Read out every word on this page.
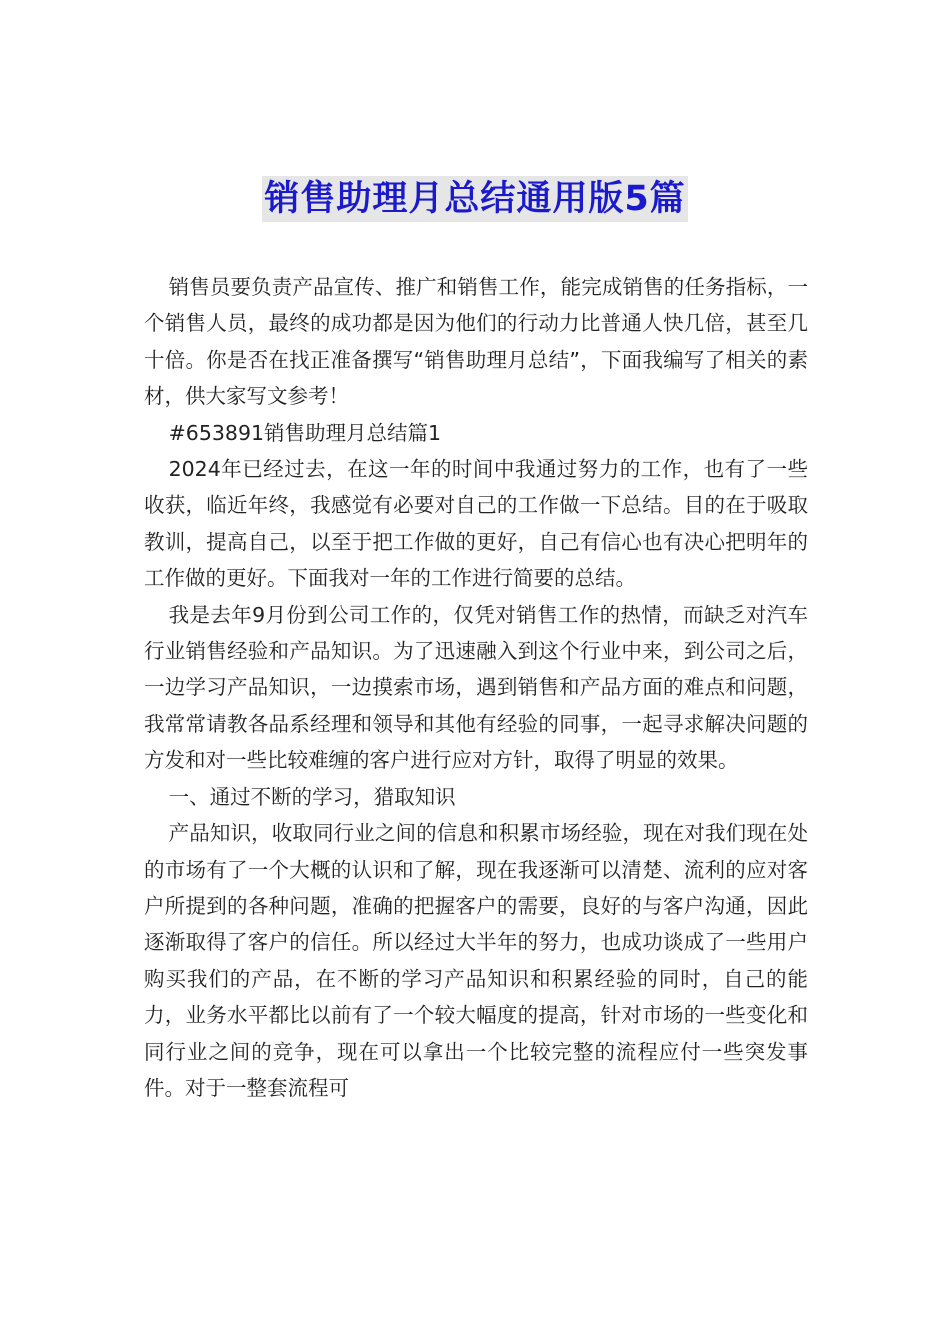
销售助理月总结通用版5篇

销售员要负责产品宣传、推广和销售工作，能完成销售的任务指标，一个销售人员，最终的成功都是因为他们的行动力比普通人快几倍，甚至几十倍。你是否在找正准备撰写“销售助理月总结”，下面我编写了相关的素材，供大家写文参考！

#653891销售助理月总结篇1

2024年已经过去，在这一年的时间中我通过努力的工作，也有了一些收获，临近年终，我感觉有必要对自己的工作做一下总结。目的在于吸取教训，提高自己，以至于把工作做的更好，自己有信心也有决心把明年的工作做的更好。下面我对一年的工作进行简要的总结。

我是去年9月份到公司工作的，仅凭对销售工作的热情，而缺乏对汽车行业销售经验和产品知识。为了迅速融入到这个行业中来，到公司之后，一边学习产品知识，一边摸索市场，遇到销售和产品方面的难点和问题，我常常请教各品系经理和领导和其他有经验的同事，一起寻求解决问题的方发和对一些比较难缠的客户进行应对方针，取得了明显的效果。

一、通过不断的学习，猎取知识

产品知识，收取同行业之间的信息和积累市场经验，现在对我们现在处的市场有了一个大概的认识和了解，现在我逐渐可以清楚、流利的应对客户所提到的各种问题，准确的把握客户的需要，良好的与客户沟通，因此逐渐取得了客户的信任。所以经过大半年的努力，也成功谈成了一些用户购买我们的产品，在不断的学习产品知识和积累经验的同时，自己的能力，业务水平都比以前有了一个较大幅度的提高，针对市场的一些变化和同行业之间的竞争，现在可以拿出一个比较完整的流程应付一些突发事件。对于一整套流程可
